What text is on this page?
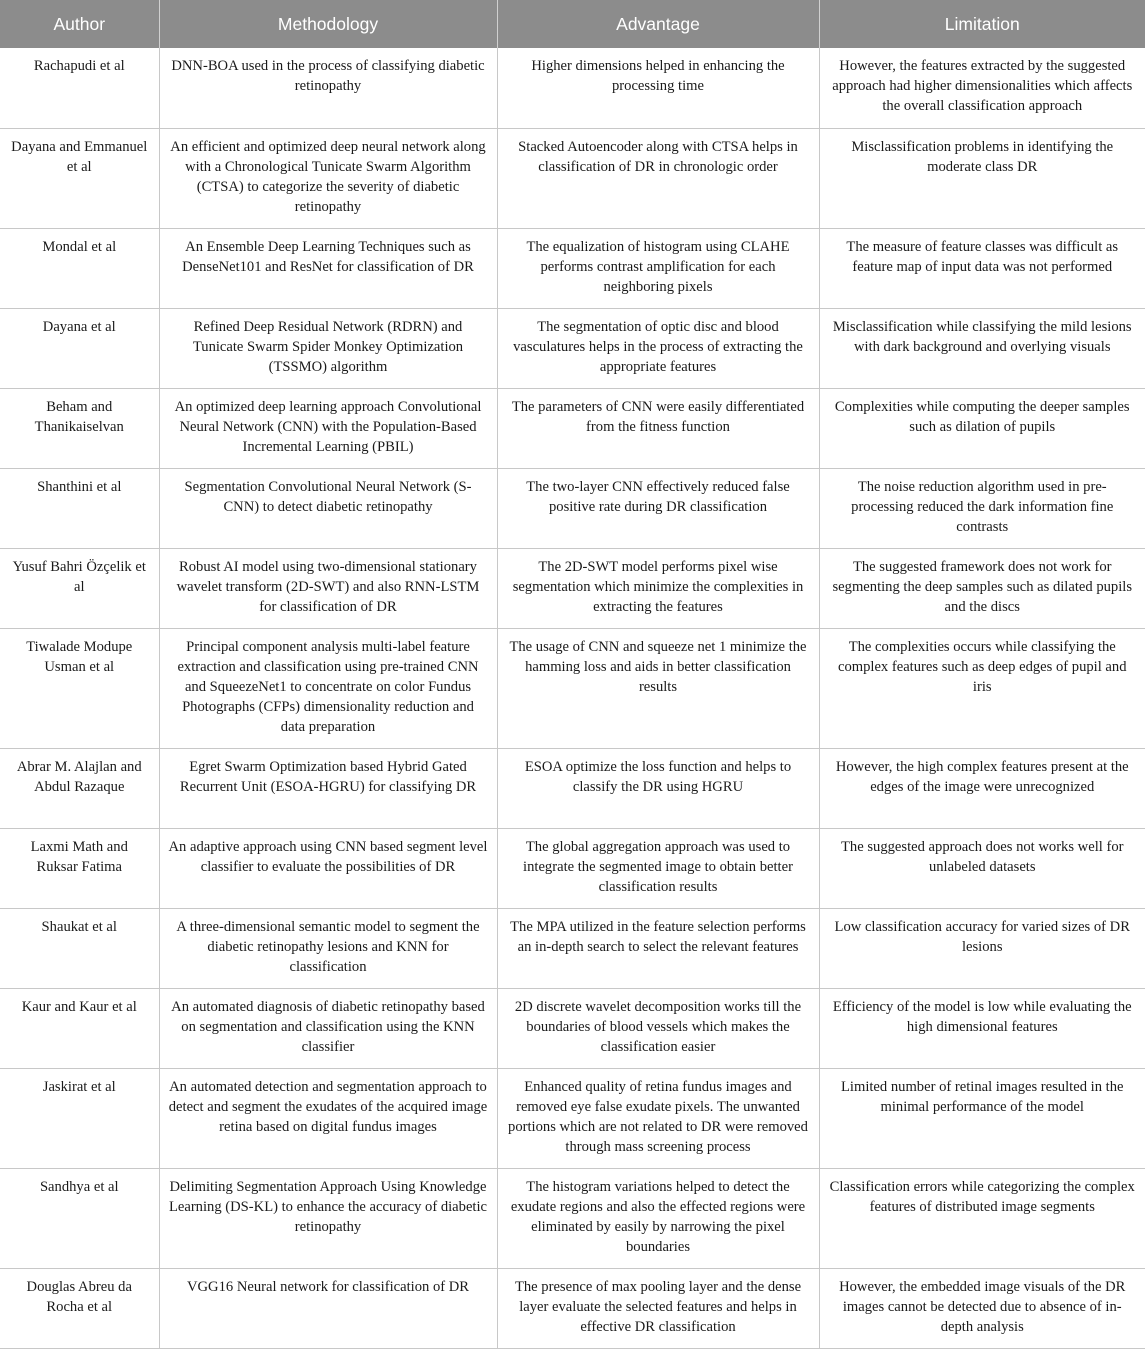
Author	Methodology	Advantage	Limitation
Rachapudi et al	DNN-BOA used in the process of classifying diabetic retinopathy	Higher dimensions helped in enhancing the processing time	However, the features extracted by the suggested approach had higher dimensionalities which affects the overall classification approach
Dayana and Emmanuel et al	An efficient and optimized deep neural network along with a Chronological Tunicate Swarm Algorithm (CTSA) to categorize the severity of diabetic retinopathy	Stacked Autoencoder along with CTSA helps in classification of DR in chronologic order	Misclassification problems in identifying the moderate class DR
Mondal et al	An Ensemble Deep Learning Techniques such as DenseNet101 and ResNet for classification of DR	The equalization of histogram using CLAHE performs contrast amplification for each neighboring pixels	The measure of feature classes was difficult as feature map of input data was not performed
Dayana et al	Refined Deep Residual Network (RDRN) and Tunicate Swarm Spider Monkey Optimization (TSSMO) algorithm	The segmentation of optic disc and blood vasculatures helps in the process of extracting the appropriate features	Misclassification while classifying the mild lesions with dark background and overlying visuals
Beham and Thanikaiselvan	An optimized deep learning approach Convolutional Neural Network (CNN) with the Population-Based Incremental Learning (PBIL)	The parameters of CNN were easily differentiated from the fitness function	Complexities while computing the deeper samples such as dilation of pupils
Shanthini et al	Segmentation Convolutional Neural Network (S-CNN) to detect diabetic retinopathy	The two-layer CNN effectively reduced false positive rate during DR classification	The noise reduction algorithm used in pre-processing reduced the dark information fine contrasts
Yusuf Bahri Özçelik et al	Robust AI model using two-dimensional stationary wavelet transform (2D-SWT) and also RNN-LSTM for classification of DR	The 2D-SWT model performs pixel wise segmentation which minimize the complexities in extracting the features	The suggested framework does not work for segmenting the deep samples such as dilated pupils and the discs
Tiwalade Modupe Usman et al	Principal component analysis multi-label feature extraction and classification using pre-trained CNN and SqueezeNet1 to concentrate on color Fundus Photographs (CFPs) dimensionality reduction and data preparation	The usage of CNN and squeeze net 1 minimize the hamming loss and aids in better classification results	The complexities occurs while classifying the complex features such as deep edges of pupil and iris
Abrar M. Alajlan and Abdul Razaque	Egret Swarm Optimization based Hybrid Gated Recurrent Unit (ESOA-HGRU) for classifying DR	ESOA optimize the loss function and helps to classify the DR using HGRU	However, the high complex features present at the edges of the image were unrecognized
Laxmi Math and Ruksar Fatima	An adaptive approach using CNN based segment level classifier to evaluate the possibilities of DR	The global aggregation approach was used to integrate the segmented image to obtain better classification results	The suggested approach does not works well for unlabeled datasets
Shaukat et al	A three-dimensional semantic model to segment the diabetic retinopathy lesions and KNN for classification	The MPA utilized in the feature selection performs an in-depth search to select the relevant features	Low classification accuracy for varied sizes of DR lesions
Kaur and Kaur et al	An automated diagnosis of diabetic retinopathy based on segmentation and classification using the KNN classifier	2D discrete wavelet decomposition works till the boundaries of blood vessels which makes the classification easier	Efficiency of the model is low while evaluating the high dimensional features
Jaskirat et al	An automated detection and segmentation approach to detect and segment the exudates of the acquired image retina based on digital fundus images	Enhanced quality of retina fundus images and removed eye false exudate pixels. The unwanted portions which are not related to DR were removed through mass screening process	Limited number of retinal images resulted in the minimal performance of the model
Sandhya et al	Delimiting Segmentation Approach Using Knowledge Learning (DS-KL) to enhance the accuracy of diabetic retinopathy	The histogram variations helped to detect the exudate regions and also the effected regions were eliminated by easily by narrowing the pixel boundaries	Classification errors while categorizing the complex features of distributed image segments
Douglas Abreu da Rocha et al	VGG16 Neural network for classification of DR	The presence of max pooling layer and the dense layer evaluate the selected features and helps in effective DR classification	However, the embedded image visuals of the DR images cannot be detected due to absence of in-depth analysis
